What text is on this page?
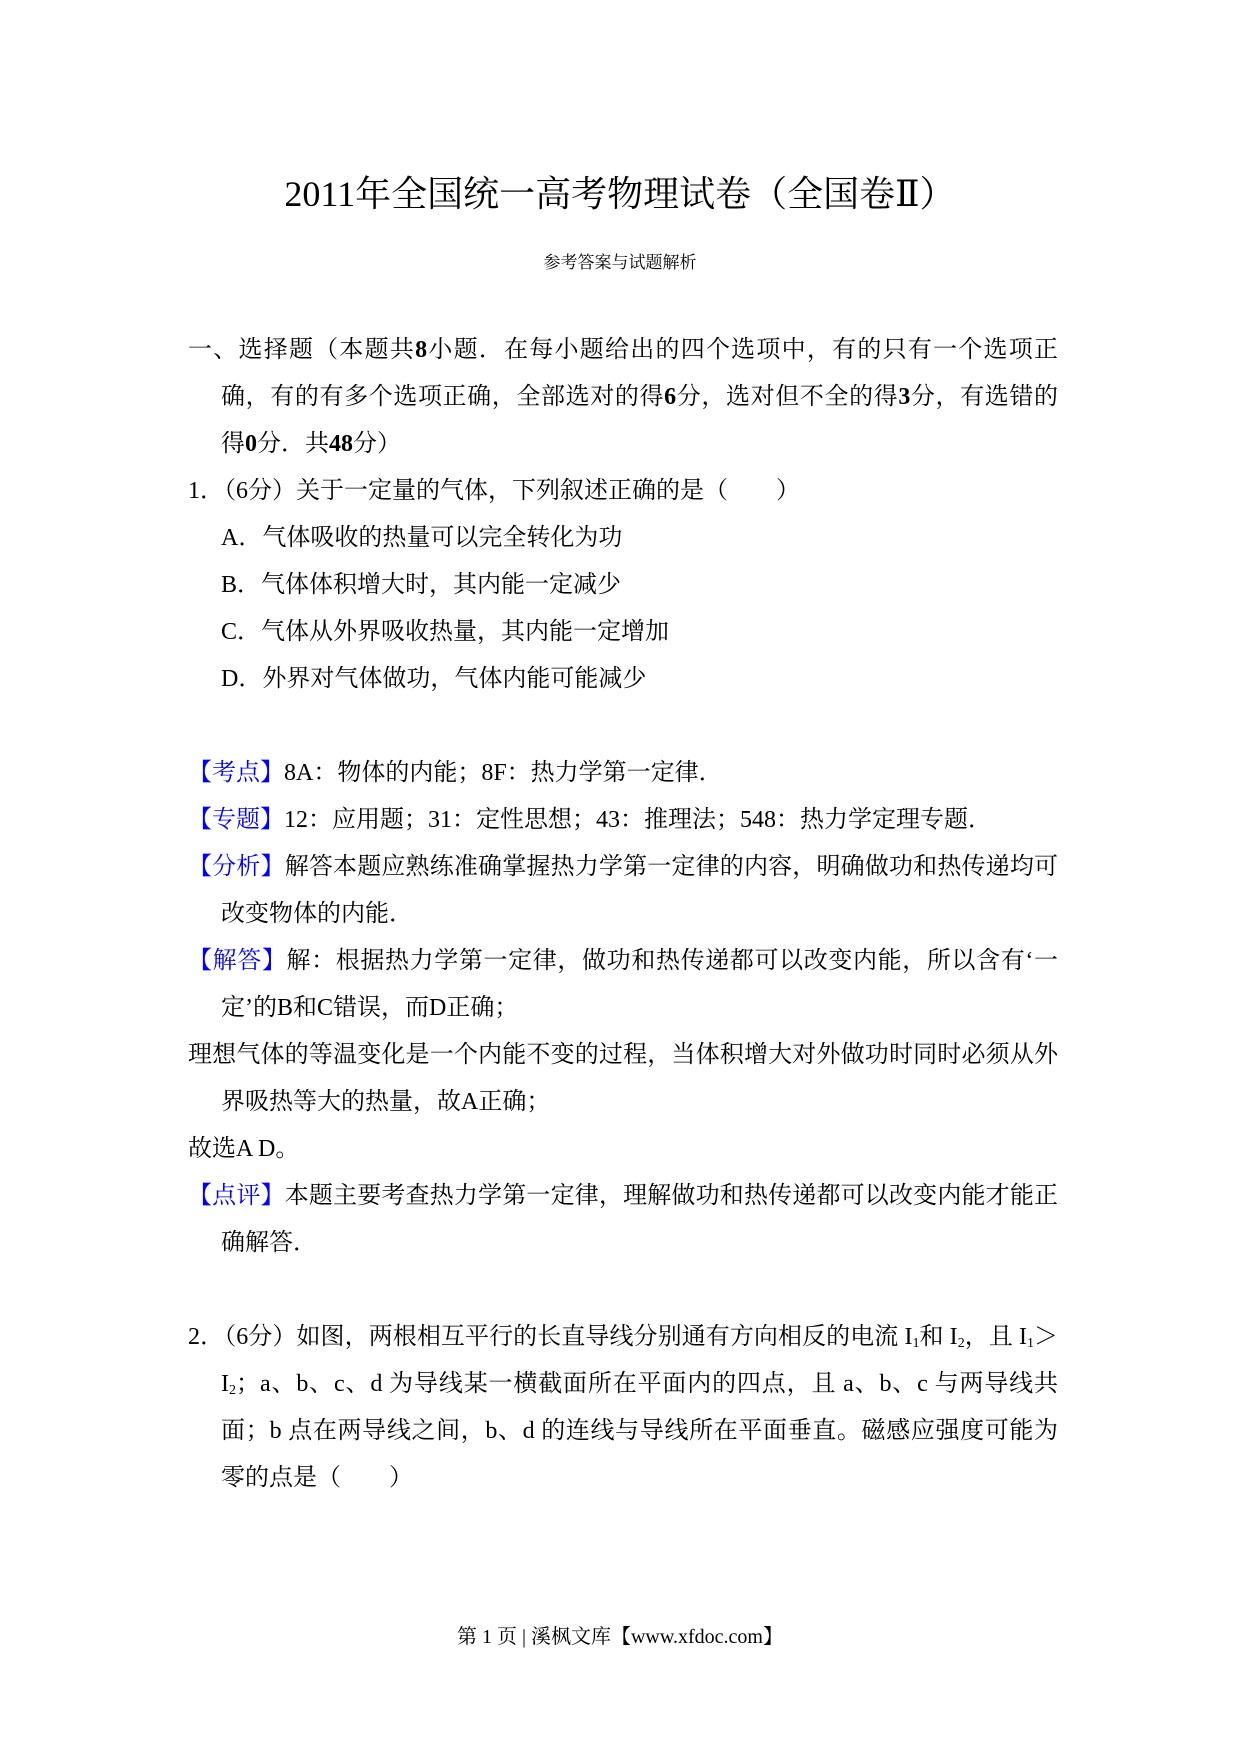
2011年全国统一高考物理试卷（全国卷Ⅱ）
参考答案与试题解析

一、选择题（本题共8小题．在每小题给出的四个选项中，有的只有一个选项正确，有的有多个选项正确，全部选对的得6分，选对但不全的得3分，有选错的得0分．共48分）

1．（6分）关于一定量的气体，下列叙述正确的是（　　）

A．气体吸收的热量可以完全转化为功

B．气体体积增大时，其内能一定减少

C．气体从外界吸收热量，其内能一定增加

D．外界对气体做功，气体内能可能减少

【考点】8A：物体的内能；8F：热力学第一定律．

【专题】12：应用题；31：定性思想；43：推理法；548：热力学定理专题．

【分析】解答本题应熟练准确掌握热力学第一定律的内容，明确做功和热传递均可改变物体的内能．

【解答】解：根据热力学第一定律，做功和热传递都可以改变内能，所以含有‘一定’的B和C错误，而D正确；

理想气体的等温变化是一个内能不变的过程，当体积增大对外做功时同时必须从外界吸热等大的热量，故A正确；

故选A D。

【点评】本题主要考查热力学第一定律，理解做功和热传递都可以改变内能才能正确解答．

2．（6分）如图，两根相互平行的长直导线分别通有方向相反的电流 $I_1$和 $I_2$，且 $I_1>I_2$；a、b、c、d 为导线某一横截面所在平面内的四点，且 a、b、c 与两导线共面；b 点在两导线之间，b、d 的连线与导线所在平面垂直。磁感应强度可能为零的点是（　　）

第 1 页 | 溪枫文库【www.xfdoc.com】
